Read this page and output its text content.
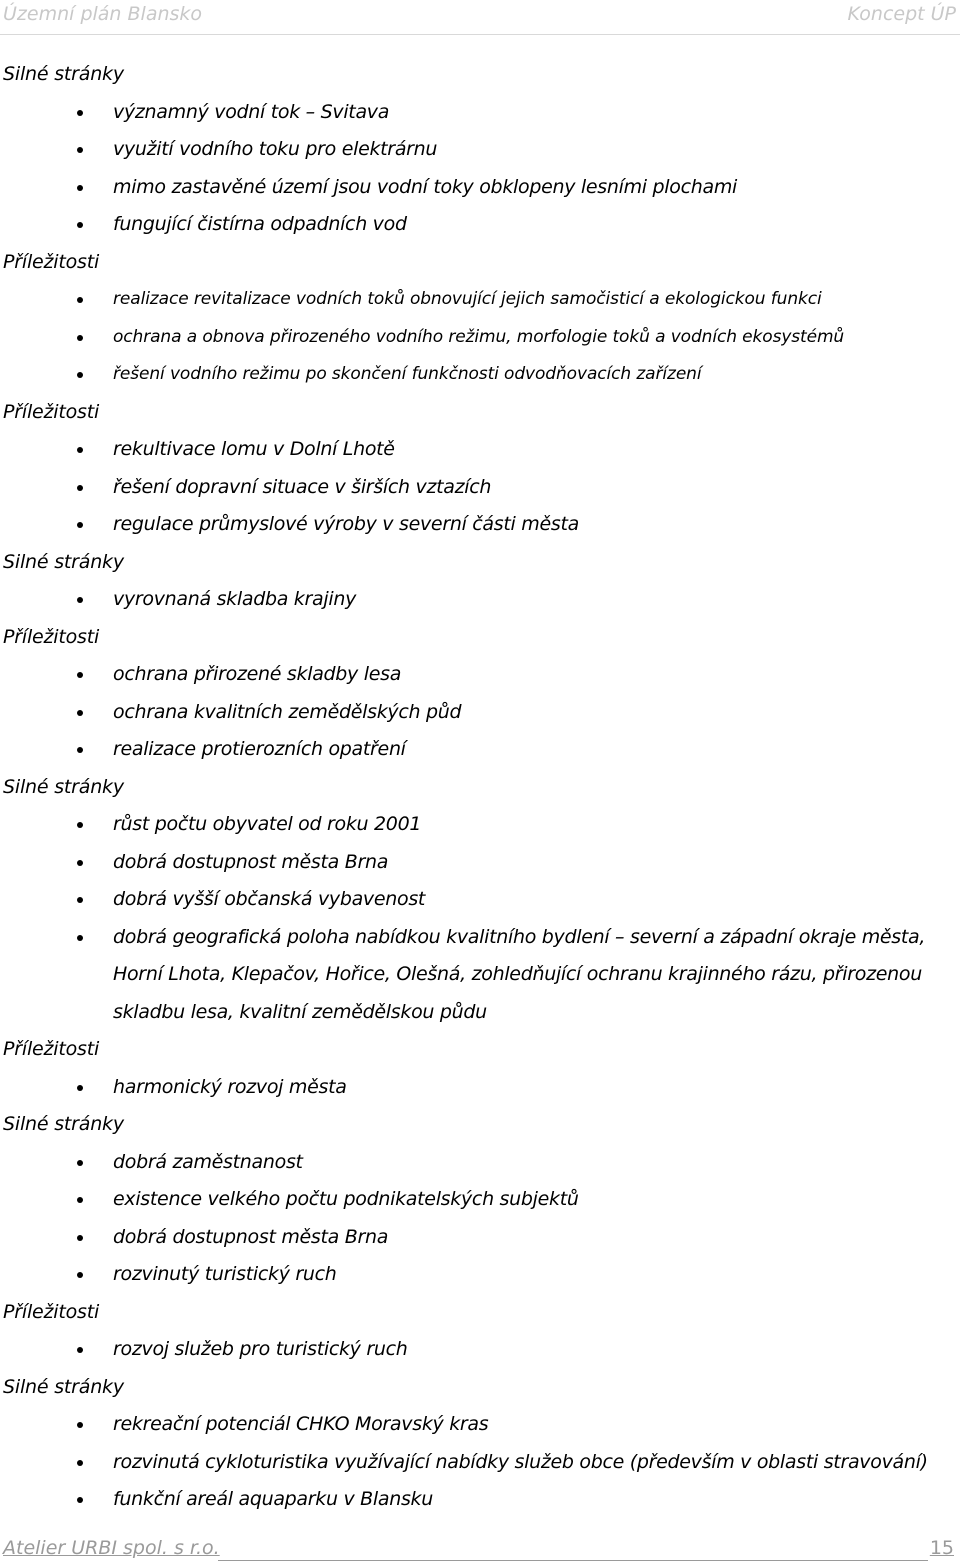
Územní plán Blansko	Koncept ÚP
Silné stránky
významný vodní tok – Svitava
využití vodního toku pro elektrárnu
mimo zastavěné území jsou vodní toky obklopeny lesními plochami
fungující čistírna odpadních vod
Příležitosti
realizace revitalizace vodních toků obnovující jejich samočisticí a ekologickou funkci
ochrana a obnova přirozeného vodního režimu, morfologie toků a vodních ekosystémů
řešení vodního režimu po skončení funkčnosti odvodňovacích zařízení
Příležitosti
rekultivace lomu v Dolní Lhotě
řešení dopravní situace v širších vztazích
regulace průmyslové výroby v severní části města
Silné stránky
vyrovnaná skladba krajiny
Příležitosti
ochrana přirozené skladby lesa
ochrana kvalitních zemědělských půd
realizace protierozních opatření
Silné stránky
růst počtu obyvatel od roku 2001
dobrá dostupnost města Brna
dobrá vyšší občanská vybavenost
dobrá geografická poloha nabídkou kvalitního bydlení – severní a západní okraje města, Horní Lhota, Klepačov, Hořice, Olešná, zohledňující ochranu krajinného rázu, přirozenou skladbu lesa, kvalitní zemědělskou půdu
Příležitosti
harmonický rozvoj města
Silné stránky
dobrá zaměstnanost
existence velkého počtu podnikatelských subjektů
dobrá dostupnost města Brna
rozvinutý turistický ruch
Příležitosti
rozvoj služeb pro turistický ruch
Silné stránky
rekreační potenciál CHKO Moravský kras
rozvinutá cykloturistika využívající nabídky služeb obce (především v oblasti stravování)
funkční areál aquaparku v Blansku
Atelier URBI spol. s r.o.	15
